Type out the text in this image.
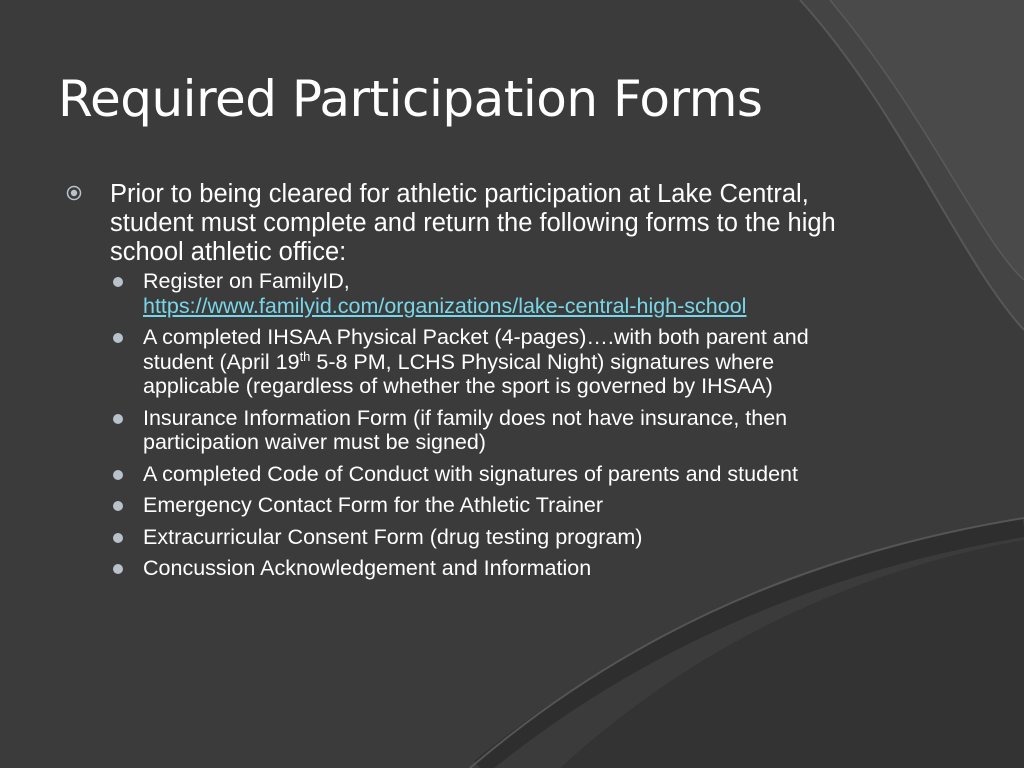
Required Participation Forms
Prior to being cleared for athletic participation at Lake Central, student must complete and return the following forms to the high school athletic office:
Register on FamilyID,
https://www.familyid.com/organizations/lake-central-high-school
A completed IHSAA Physical Packet (4-pages)….with both parent and student (April 19th 5-8 PM, LCHS Physical Night) signatures where applicable (regardless of whether the sport is governed by IHSAA)
Insurance Information Form (if family does not have insurance, then participation waiver must be signed)
A completed Code of Conduct with signatures of parents and student
Emergency Contact Form for the Athletic Trainer
Extracurricular Consent Form (drug testing program)
Concussion Acknowledgement and Information
